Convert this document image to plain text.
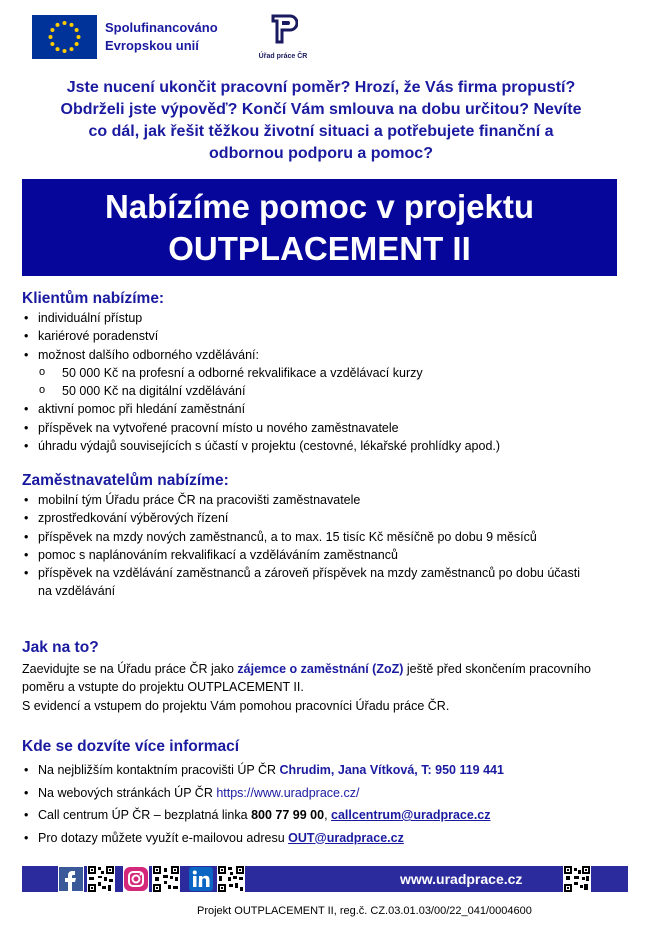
Spolufinancováno
Evropskou unií
Úřad práce ČR
Jste nucení ukončit pracovní poměr? Hrozí, že Vás firma propustí?
Obdrželi jste výpověď? Končí Vám smlouva na dobu určitou? Nevíte
co dál, jak řešit těžkou životní situaci a potřebujete finanční a
odbornou podporu a pomoc?
Nabízíme pomoc v projektu
OUTPLACEMENT II
Klientům nabízíme:
• individuální přístup
• kariérové poradenství
• možnost dalšího odborného vzdělávání:
o 50 000 Kč na profesní a odborné rekvalifikace a vzdělávací kurzy
o 50 000 Kč na digitální vzdělávání
• aktivní pomoc při hledání zaměstnání
• příspěvek na vytvořené pracovní místo u nového zaměstnavatele
• úhradu výdajů souvisejících s účastí v projektu (cestovné, lékařské prohlídky apod.)
Zaměstnavatelům nabízíme:
• mobilní tým Úřadu práce ČR na pracovišti zaměstnavatele
• zprostředkování výběrových řízení
• příspěvek na mzdy nových zaměstnanců, a to max. 15 tisíc Kč měsíčně po dobu 9 měsíců
• pomoc s naplánováním rekvalifikací a vzděláváním zaměstnanců
• příspěvek na vzdělávání zaměstnanců a zároveň příspěvek na mzdy zaměstnanců po dobu účasti na vzdělávání
Jak na to?

Zaevidujte se na Úřadu práce ČR jako zájemce o zaměstnání (ZoZ) ještě před skončením pracovního poměru a vstupte do projektu OUTPLACEMENT II.

S evidencí a vstupem do projektu Vám pomohou pracovníci Úřadu práce ČR.

Kde se dozvíte více informací
• Na nejbližším kontaktním pracovišti ÚP ČR Chrudim, Jana Vítková, T: 950 119 441
• Na webových stránkách ÚP ČR https://www.uradprace.cz/
• Call centrum ÚP ČR – bezplatná linka 800 77 99 00, callcentrum@uradprace.cz
• Pro dotazy můžete využít e-mailovou adresu OUT@uradprace.cz
www.uradprace.cz
Projekt OUTPLACEMENT II, reg.č. CZ.03.01.03/00/22_041/0004600
